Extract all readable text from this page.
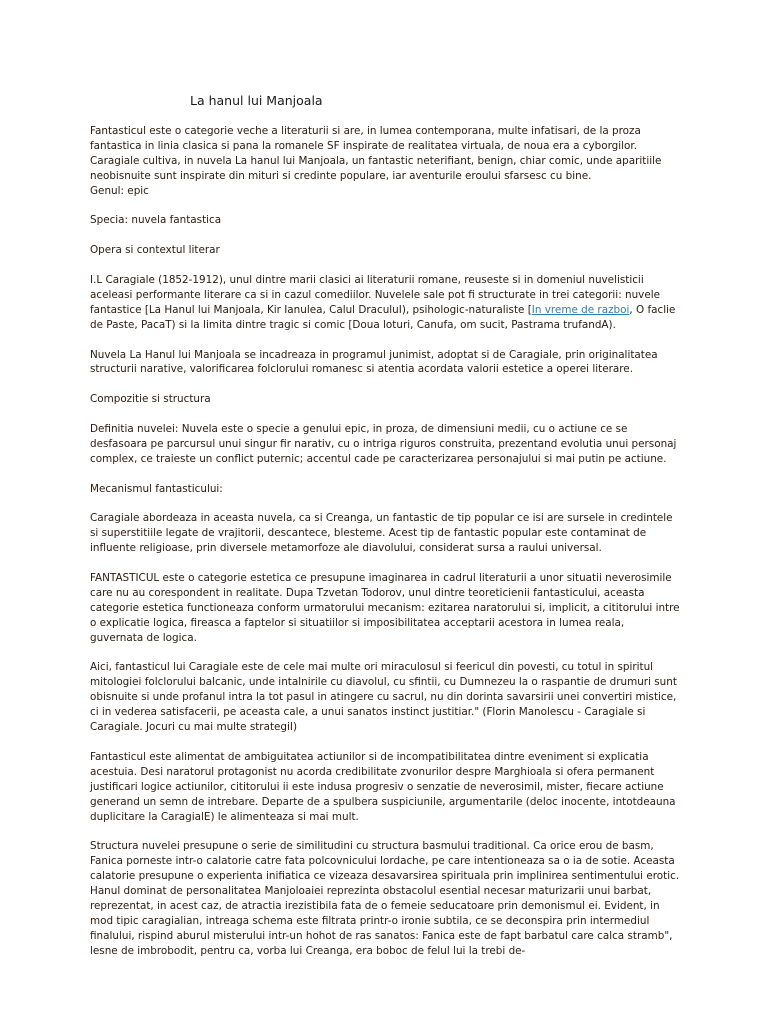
La hanul lui Manjoala

Fantasticul este o categorie veche a literaturii si are, in lumea contemporana, multe infatisari, de la proza fantastica in linia clasica si pana la romanele SF inspirate de realitatea virtuala, de noua era a cyborgilor. Caragiale cultiva, in nuvela La hanul lui Manjoala, un fantastic neterifiant, benign, chiar comic, unde aparitiile neobisnuite sunt inspirate din mituri si credinte populare, iar aventurile eroului sfarsesc cu bine.

Genul: epic

Specia: nuvela fantastica

Opera si contextul literar

I.L Caragiale (1852-1912), unul dintre marii clasici ai literaturii romane, reuseste si in domeniul nuvelisticii aceleasi performante literare ca si in cazul comediilor. Nuvelele sale pot fi structurate in trei categorii: nuvele fantastice [La Hanul lui Manjoala, Kir Ianulea, Calul DraculuI), psihologic-naturaliste [In vreme de razboi, O faclie de Paste, PacaT) si la limita dintre tragic si comic [Doua loturi, Canufa, om sucit, Pastrama trufandA).

Nuvela La Hanul lui Manjoala se incadreaza in programul junimist, adoptat si de Caragiale, prin originalitatea structurii narative, valorificarea folclorului romanesc si atentia acordata valorii estetice a operei literare.

Compozitie si structura

Definitia nuvelei: Nuvela este o specie a genului epic, in proza, de dimensiuni medii, cu o actiune ce se desfasoara pe parcursul unui singur fir narativ, cu o intriga riguros construita, prezentand evolutia unui personaj complex, ce traieste un conflict puternic; accentul cade pe caracterizarea personajului si mai putin pe actiune.

Mecanismul fantasticului:

Caragiale abordeaza in aceasta nuvela, ca si Creanga, un fantastic de tip popular ce isi are sursele in credintele si superstitiile legate de vrajitorii, descantece, blesteme. Acest tip de fantastic popular este contaminat de influente religioase, prin diversele metamorfoze ale diavolului, considerat sursa a raului universal.

FANTASTICUL este o categorie estetica ce presupune imaginarea in cadrul literaturii a unor situatii neverosimile care nu au corespondent in realitate. Dupa Tzvetan Todorov, unul dintre teoreticienii fantasticului, aceasta categorie estetica functioneaza conform urmatorului mecanism: ezitarea naratorului si, implicit, a cititorului intre o explicatie logica, fireasca a faptelor si situatiilor si imposibilitatea acceptarii acestora in lumea reala, guvernata de logica.

Aici, fantasticul lui Caragiale este de cele mai multe ori miraculosul si feericul din povesti, cu totul in spiritul mitologiei folclorului balcanic, unde intalnirile cu diavolul, cu sfintii, cu Dumnezeu la o raspantie de drumuri sunt obisnuite si unde profanul intra la tot pasul in atingere cu sacrul, nu din dorinta savarsirii unei convertiri mistice, ci in vederea satisfacerii, pe aceasta cale, a unui sanatos instinct justitiar." (Florin Manolescu - Caragiale si Caragiale. Jocuri cu mai multe strategiI)

Fantasticul este alimentat de ambiguitatea actiunilor si de incompatibilitatea dintre eveniment si explicatia acestuia. Desi naratorul protagonist nu acorda credibilitate zvonurilor despre Marghioala si ofera permanent justificari logice actiunilor, cititorului ii este indusa progresiv o senzatie de neverosimil, mister, fiecare actiune generand un semn de intrebare. Departe de a spulbera suspiciunile, argumentarile (deloc inocente, intotdeauna duplicitare la CaragialE) le alimenteaza si mai mult.

Structura nuvelei presupune o serie de similitudini cu structura basmului traditional. Ca orice erou de basm, Fanica porneste intr-o calatorie catre fata polcovnicului Iordache, pe care intentioneaza sa o ia de sotie. Aceasta calatorie presupune o experienta inifiatica ce vizeaza desavarsirea spirituala prin implinirea sentimentului erotic. Hanul dominat de personalitatea Manjoloaiei reprezinta obstacolul esential necesar maturizarii unui barbat, reprezentat, in acest caz, de atractia irezistibila fata de o femeie seducatoare prin demonismul ei. Evident, in mod tipic caragialian, intreaga schema este filtrata printr-o ironie subtila, ce se deconspira prin intermediul finalului, rispind aburul misterului intr-un hohot de ras sanatos: Fanica este de fapt barbatul care calca stramb", lesne de imbrobodit, pentru ca, vorba lui Creanga, era boboc de felul lui la trebi de-
